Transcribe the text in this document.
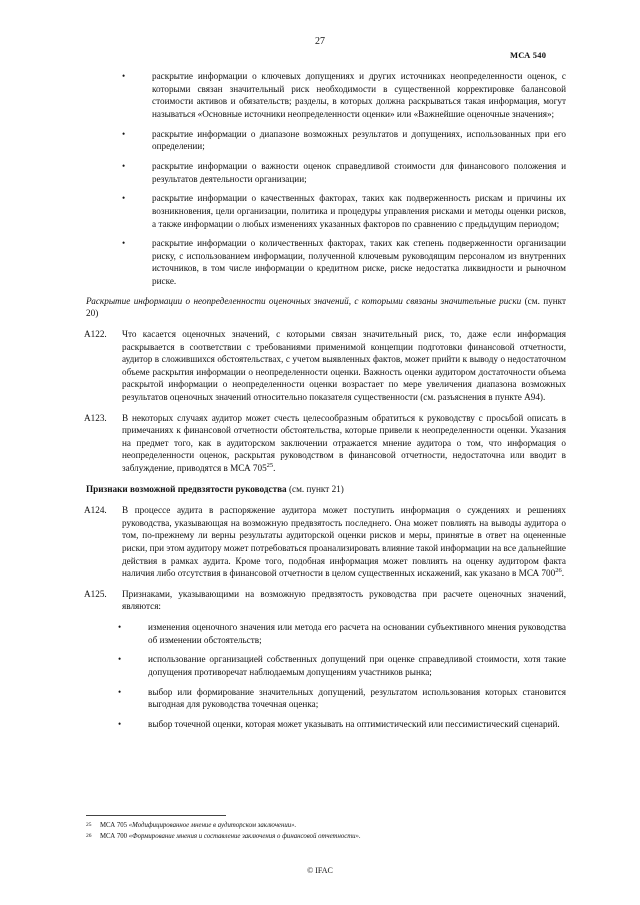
27
МСА 540
•	раскрытие информации о ключевых допущениях и других источниках неопределенности оценок, с которыми связан значительный риск необходимости в существенной корректировке балансовой стоимости активов и обязательств; разделы, в которых должна раскрываться такая информация, могут называться «Основные источники неопределенности оценки» или «Важнейшие оценочные значения»;
•	раскрытие информации о диапазоне возможных результатов и допущениях, использованных при его определении;
•	раскрытие информации о важности оценок справедливой стоимости для финансового положения и результатов деятельности организации;
•	раскрытие информации о качественных факторах, таких как подверженность рискам и причины их возникновения, цели организации, политика и процедуры управления рисками и методы оценки рисков, а также информации о любых изменениях указанных факторов по сравнению с предыдущим периодом;
•	раскрытие информации о количественных факторах, таких как степень подверженности организации риску, с использованием информации, полученной ключевым руководящим персоналом из внутренних источников, в том числе информации о кредитном риске, риске недостатка ликвидности и рыночном риске.
Раскрытие информации о неопределенности оценочных значений, с которыми связаны значительные риски (см. пункт 20)
A122. Что касается оценочных значений, с которыми связан значительный риск, то, даже если информация раскрывается в соответствии с требованиями применимой концепции подготовки финансовой отчетности, аудитор в сложившихся обстоятельствах, с учетом выявленных фактов, может прийти к выводу о недостаточном объеме раскрытия информации о неопределенности оценки. Важность оценки аудитором достаточности объема раскрытой информации о неопределенности оценки возрастает по мере увеличения диапазона возможных результатов оценочных значений относительно показателя существенности (см. разъяснения в пункте А94).
A123. В некоторых случаях аудитор может счесть целесообразным обратиться к руководству с просьбой описать в примечаниях к финансовой отчетности обстоятельства, которые привели к неопределенности оценки. Указания на предмет того, как в аудиторском заключении отражается мнение аудитора о том, что информация о неопределенности оценок, раскрытая руководством в финансовой отчетности, недостаточна или вводит в заблуждение, приводятся в МСА $705^{25}$.
Признаки возможной предвзятости руководства (см. пункт 21)
A124. В процессе аудита в распоряжение аудитора может поступить информация о суждениях и решениях руководства, указывающая на возможную предвзятость последнего. Она может повлиять на выводы аудитора о том, по-прежнему ли верны результаты аудиторской оценки рисков и меры, принятые в ответ на оцененные риски, при этом аудитору может потребоваться проанализировать влияние такой информации на все дальнейшие действия в рамках аудита. Кроме того, подобная информация может повлиять на оценку аудитором факта наличия либо отсутствия в финансовой отчетности в целом существенных искажений, как указано в МСА $700^{26}$.
A125. Признаками, указывающими на возможную предвзятость руководства при расчете оценочных значений, являются:
•	изменения оценочного значения или метода его расчета на основании субъективного мнения руководства об изменении обстоятельств;
•	использование организацией собственных допущений при оценке справедливой стоимости, хотя такие допущения противоречат наблюдаемым допущениям участников рынка;
•	выбор или формирование значительных допущений, результатом использования которых становится выгодная для руководства точечная оценка;
•	выбор точечной оценки, которая может указывать на оптимистический или пессимистический сценарий.
25 МСА 705 «Модифицированное мнение в аудиторском заключении».
26 МСА 700 «Формирование мнения и составление заключения о финансовой отчетности».
© IFAC
